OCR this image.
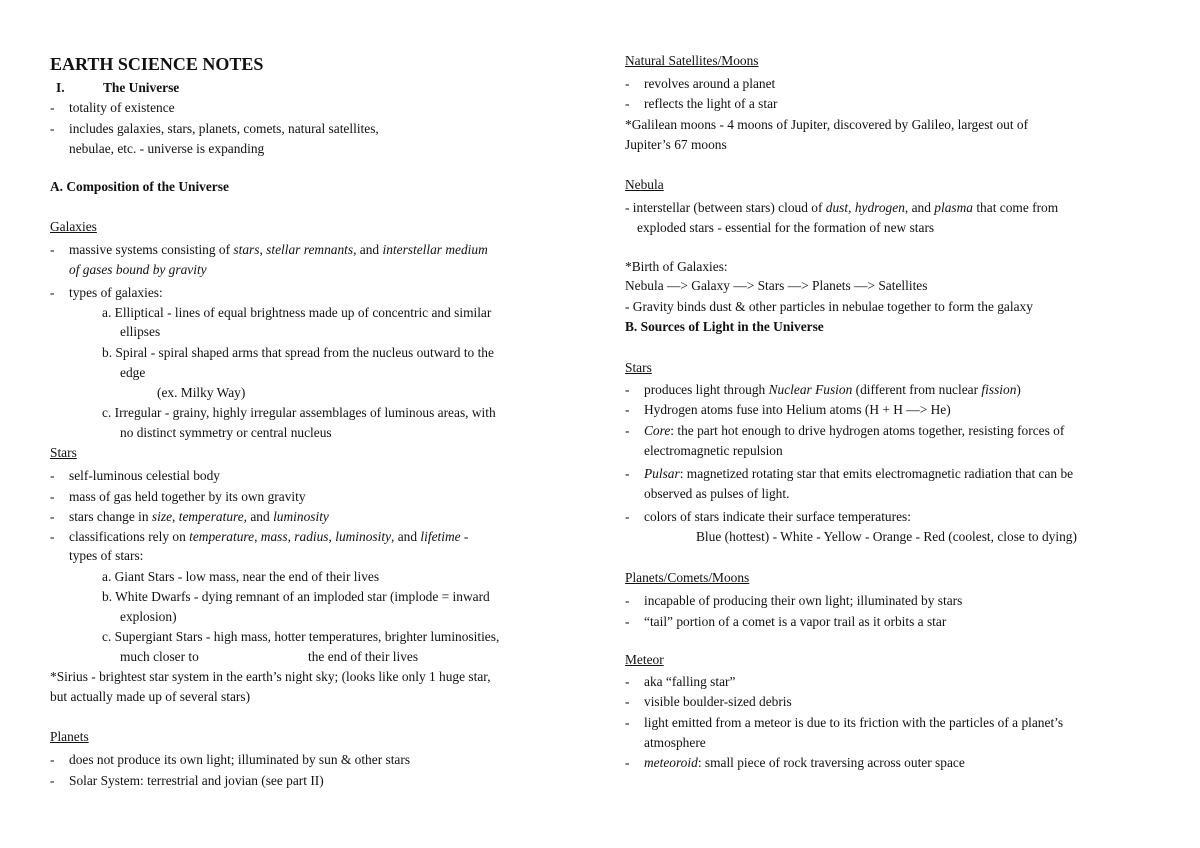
EARTH SCIENCE NOTES
I.	The Universe
- totality of existence
- includes galaxies, stars, planets, comets, natural satellites,
nebulae, etc. - universe is expanding
A. Composition of the Universe
Galaxies
- massive systems consisting of stars, stellar remnants, and interstellar medium
of gases bound by gravity
- types of galaxies:
a. Elliptical - lines of equal brightness made up of concentric and similar
ellipses
b. Spiral - spiral shaped arms that spread from the nucleus outward to the
edge
(ex. Milky Way)
c. Irregular - grainy, highly irregular assemblages of luminous areas, with
no distinct symmetry or central nucleus
Stars
- self-luminous celestial body
- mass of gas held together by its own gravity
- stars change in size, temperature, and luminosity
- classifications rely on temperature, mass, radius, luminosity, and lifetime -
types of stars:
a. Giant Stars - low mass, near the end of their lives
b. White Dwarfs - dying remnant of an imploded star (implode = inward
explosion)
c. Supergiant Stars - high mass, hotter temperatures, brighter luminosities,
much closer to	the end of their lives
*Sirius - brightest star system in the earth’s night sky; (looks like only 1 huge star,
but actually made up of several stars)
Planets
- does not produce its own light; illuminated by sun & other stars
- Solar System: terrestrial and jovian (see part II)
Natural Satellites/Moons
- revolves around a planet
- reflects the light of a star
*Galilean moons - 4 moons of Jupiter, discovered by Galileo, largest out of
Jupiter’s 67 moons
Nebula
- interstellar (between stars) cloud of dust, hydrogen, and plasma that come from
exploded stars - essential for the formation of new stars
*Birth of Galaxies:
Nebula —> Galaxy —> Stars —> Planets —> Satellites
- Gravity binds dust & other particles in nebulae together to form the galaxy
B. Sources of Light in the Universe
Stars
- produces light through Nuclear Fusion (different from nuclear fission)
- Hydrogen atoms fuse into Helium atoms (H + H —> He)
- Core: the part hot enough to drive hydrogen atoms together, resisting forces of
electromagnetic repulsion
- Pulsar: magnetized rotating star that emits electromagnetic radiation that can be
observed as pulses of light.
- colors of stars indicate their surface temperatures:
Blue (hottest) - White - Yellow - Orange - Red (coolest, close to dying)
Planets/Comets/Moons
- incapable of producing their own light; illuminated by stars
- “tail” portion of a comet is a vapor trail as it orbits a star
Meteor
- aka “falling star”
- visible boulder-sized debris
- light emitted from a meteor is due to its friction with the particles of a planet’s
atmosphere
- meteoroid: small piece of rock traversing across outer space
